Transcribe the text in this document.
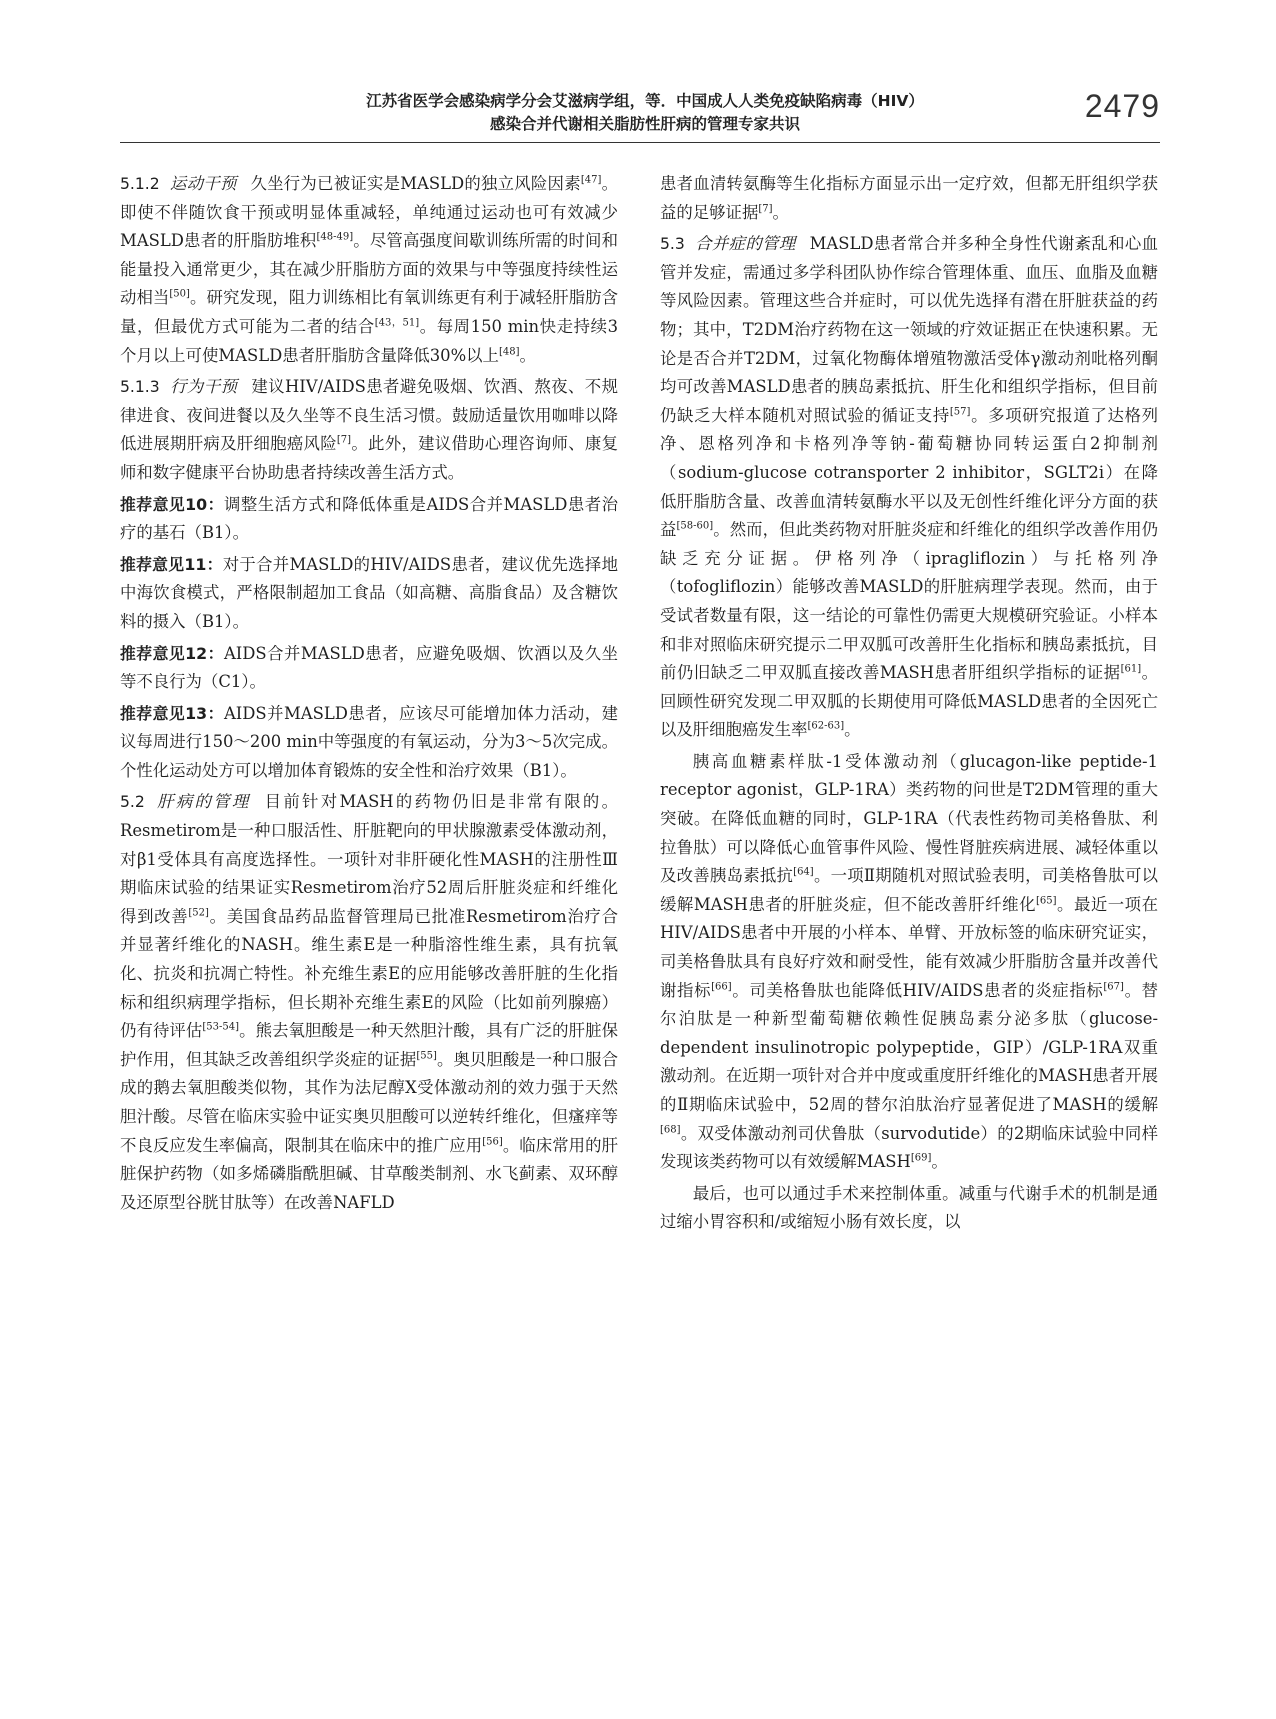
江苏省医学会感染病学分会艾滋病学组，等．中国成人人类免疫缺陷病毒（HIV）
感染合并代谢相关脂肪性肝病的管理专家共识	2479

5.1.2 运动干预 久坐行为已被证实是MASLD的独立风险因素[47]。即使不伴随饮食干预或明显体重减轻，单纯通过运动也可有效减少MASLD患者的肝脂肪堆积[48-49]。尽管高强度间歇训练所需的时间和能量投入通常更少，其在减少肝脂肪方面的效果与中等强度持续性运动相当[50]。研究发现，阻力训练相比有氧训练更有利于减轻肝脂肪含量，但最优方式可能为二者的结合[43，51]。每周150 min快走持续3个月以上可使MASLD患者肝脂肪含量降低30%以上[48]。

5.1.3 行为干预 建议HIV/AIDS患者避免吸烟、饮酒、熬夜、不规律进食、夜间进餐以及久坐等不良生活习惯。鼓励适量饮用咖啡以降低进展期肝病及肝细胞癌风险[7]。此外，建议借助心理咨询师、康复师和数字健康平台协助患者持续改善生活方式。

推荐意见10：调整生活方式和降低体重是AIDS合并MASLD患者治疗的基石（B1）。

推荐意见11：对于合并MASLD的HIV/AIDS患者，建议优先选择地中海饮食模式，严格限制超加工食品（如高糖、高脂食品）及含糖饮料的摄入（B1）。

推荐意见12：AIDS合并MASLD患者，应避免吸烟、饮酒以及久坐等不良行为（C1）。

推荐意见13：AIDS并MASLD患者，应该尽可能增加体力活动，建议每周进行150～200 min中等强度的有氧运动，分为3～5次完成。个性化运动处方可以增加体育锻炼的安全性和治疗效果（B1）。

5.2 肝病的管理 目前针对MASH的药物仍旧是非常有限的。Resmetirom是一种口服活性、肝脏靶向的甲状腺激素受体激动剂，对β1受体具有高度选择性。一项针对非肝硬化性MASH的注册性Ⅲ期临床试验的结果证实Resmetirom治疗52周后肝脏炎症和纤维化得到改善[52]。美国食品药品监督管理局已批准Resmetirom治疗合并显著纤维化的NASH。维生素E是一种脂溶性维生素，具有抗氧化、抗炎和抗凋亡特性。补充维生素E的应用能够改善肝脏的生化指标和组织病理学指标，但长期补充维生素E的风险（比如前列腺癌）仍有待评估[53-54]。熊去氧胆酸是一种天然胆汁酸，具有广泛的肝脏保护作用，但其缺乏改善组织学炎症的证据[55]。奥贝胆酸是一种口服合成的鹅去氧胆酸类似物，其作为法尼醇X受体激动剂的效力强于天然胆汁酸。尽管在临床实验中证实奥贝胆酸可以逆转纤维化，但瘙痒等不良反应发生率偏高，限制其在临床中的推广应用[56]。临床常用的肝脏保护药物（如多烯磷脂酰胆碱、甘草酸类制剂、水飞蓟素、双环醇及还原型谷胱甘肽等）在改善NAFLD

患者血清转氨酶等生化指标方面显示出一定疗效，但都无肝组织学获益的足够证据[7]。

5.3 合并症的管理 MASLD患者常合并多种全身性代谢紊乱和心血管并发症，需通过多学科团队协作综合管理体重、血压、血脂及血糖等风险因素。管理这些合并症时，可以优先选择有潜在肝脏获益的药物；其中，T2DM治疗药物在这一领域的疗效证据正在快速积累。无论是否合并T2DM，过氧化物酶体增殖物激活受体γ激动剂吡格列酮均可改善MASLD患者的胰岛素抵抗、肝生化和组织学指标，但目前仍缺乏大样本随机对照试验的循证支持[57]。多项研究报道了达格列净、恩格列净和卡格列净等钠-葡萄糖协同转运蛋白2抑制剂（sodium-glucose cotransporter 2 inhibitor，SGLT2i）在降低肝脂肪含量、改善血清转氨酶水平以及无创性纤维化评分方面的获益[58-60]。然而，但此类药物对肝脏炎症和纤维化的组织学改善作用仍缺乏充分证据。伊格列净（ipragliflozin）与托格列净（tofogliflozin）能够改善MASLD的肝脏病理学表现。然而，由于受试者数量有限，这一结论的可靠性仍需更大规模研究验证。小样本和非对照临床研究提示二甲双胍可改善肝生化指标和胰岛素抵抗，目前仍旧缺乏二甲双胍直接改善MASH患者肝组织学指标的证据[61]。回顾性研究发现二甲双胍的长期使用可降低MASLD患者的全因死亡以及肝细胞癌发生率[62-63]。

胰高血糖素样肽-1受体激动剂（glucagon-like peptide-1 receptor agonist，GLP-1RA）类药物的问世是T2DM管理的重大突破。在降低血糖的同时，GLP-1RA（代表性药物司美格鲁肽、利拉鲁肽）可以降低心血管事件风险、慢性肾脏疾病进展、减轻体重以及改善胰岛素抵抗[64]。一项Ⅱ期随机对照试验表明，司美格鲁肽可以缓解MASH患者的肝脏炎症，但不能改善肝纤维化[65]。最近一项在HIV/AIDS患者中开展的小样本、单臂、开放标签的临床研究证实，司美格鲁肽具有良好疗效和耐受性，能有效减少肝脂肪含量并改善代谢指标[66]。司美格鲁肽也能降低HIV/AIDS患者的炎症指标[67]。替尔泊肽是一种新型葡萄糖依赖性促胰岛素分泌多肽（glucose-dependent insulinotropic polypeptide，GIP）/GLP-1RA双重激动剂。在近期一项针对合并中度或重度肝纤维化的MASH患者开展的Ⅱ期临床试验中，52周的替尔泊肽治疗显著促进了MASH的缓解[68]。双受体激动剂司伏鲁肽（survodutide）的2期临床试验中同样发现该类药物可以有效缓解MASH[69]。

最后，也可以通过手术来控制体重。减重与代谢手术的机制是通过缩小胃容积和/或缩短小肠有效长度，以
